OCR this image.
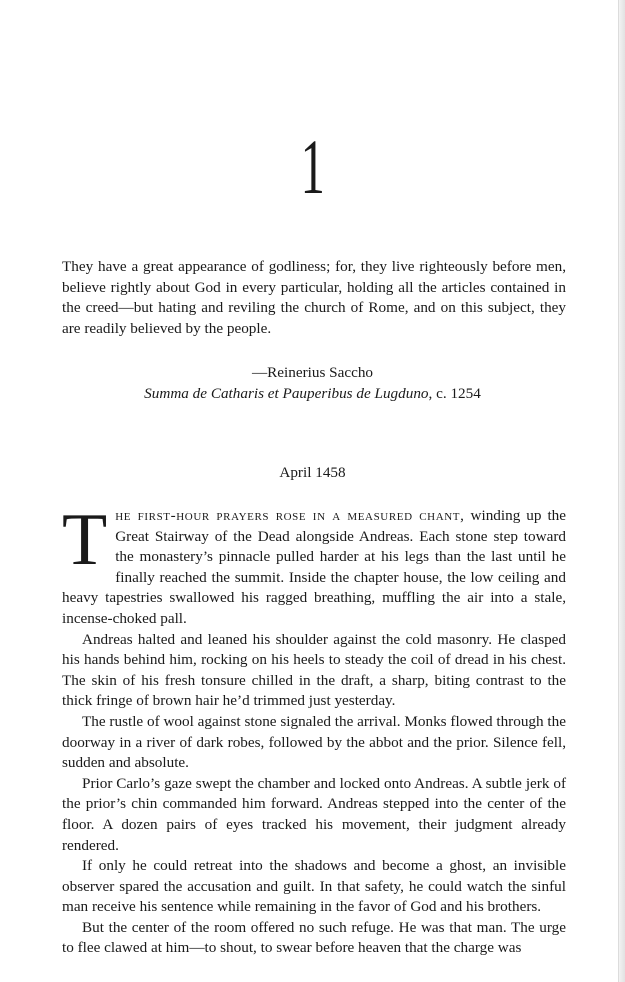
1
They have a great appearance of godliness; for, they live righteously before men, believe rightly about God in every particular, holding all the articles contained in the creed—but hating and reviling the church of Rome, and on this subject, they are readily believed by the people.
—Reinerius Saccho
Summa de Catharis et Pauperibus de Lugduno, c. 1254
April 1458

The first-hour prayers rose in a measured chant, winding up the Great Stairway of the Dead alongside Andreas. Each stone step toward the monastery’s pinnacle pulled harder at his legs than the last until he finally reached the summit. Inside the chapter house, the low ceiling and heavy tapestries swallowed his ragged breathing, muffling the air into a stale, incense-choked pall.

Andreas halted and leaned his shoulder against the cold masonry. He clasped his hands behind him, rocking on his heels to steady the coil of dread in his chest. The skin of his fresh tonsure chilled in the draft, a sharp, biting contrast to the thick fringe of brown hair he’d trimmed just yesterday.

The rustle of wool against stone signaled the arrival. Monks flowed through the doorway in a river of dark robes, followed by the abbot and the prior. Silence fell, sudden and absolute.

Prior Carlo’s gaze swept the chamber and locked onto Andreas. A subtle jerk of the prior’s chin commanded him forward. Andreas stepped into the center of the floor. A dozen pairs of eyes tracked his movement, their judgment already rendered.

If only he could retreat into the shadows and become a ghost, an invisible observer spared the accusation and guilt. In that safety, he could watch the sinful man receive his sentence while remaining in the favor of God and his brothers.

But the center of the room offered no such refuge. He was that man. The urge to flee clawed at him—to shout, to swear before heaven that the charge was
